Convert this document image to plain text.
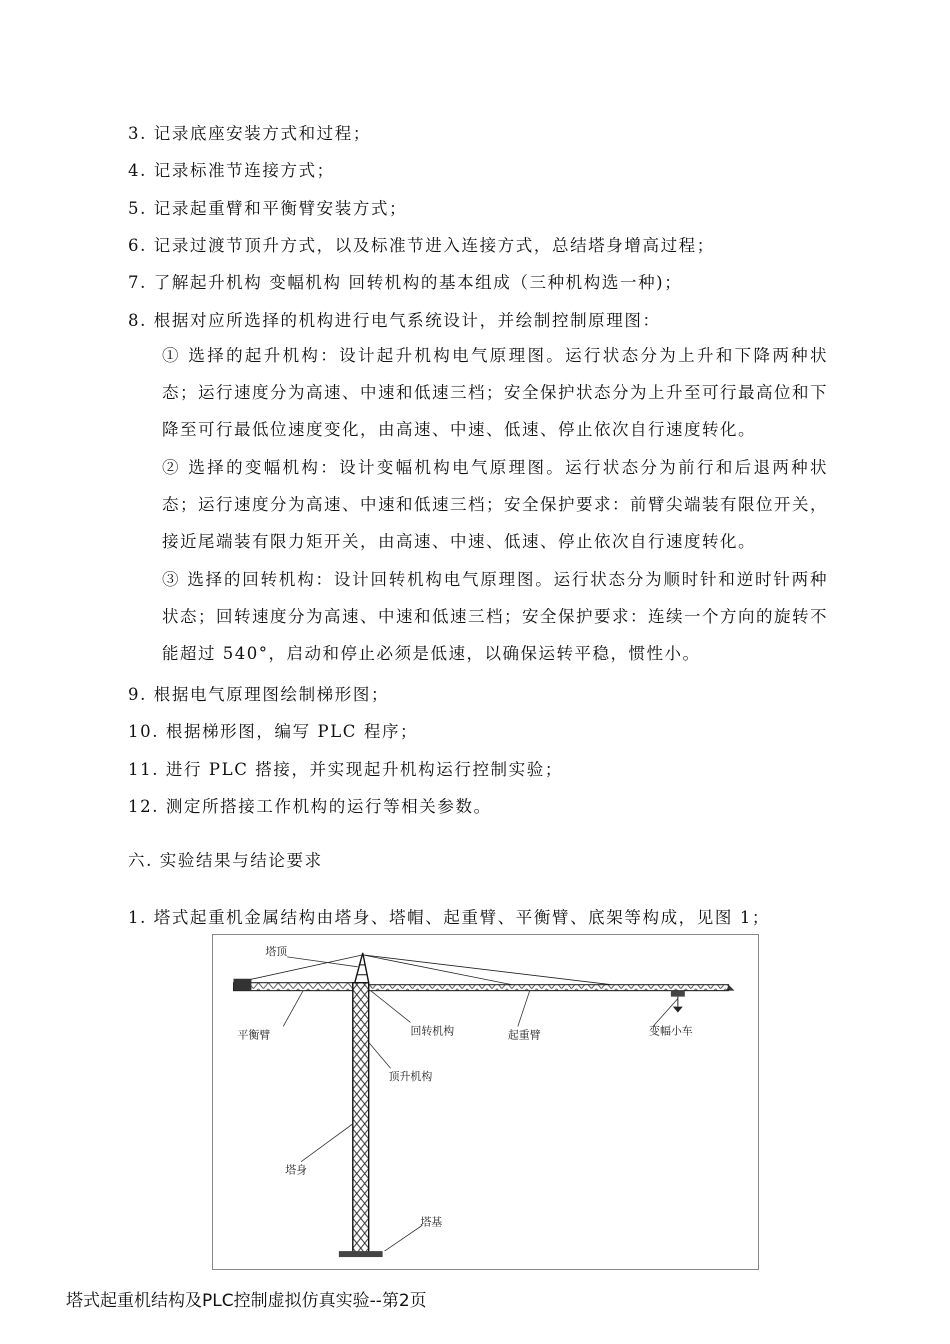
3. 记录底座安装方式和过程；
4. 记录标准节连接方式；
5. 记录起重臂和平衡臂安装方式；
6. 记录过渡节顶升方式，以及标准节进入连接方式，总结塔身增高过程；
7. 了解起升机构 变幅机构 回转机构的基本组成（三种机构选一种)；
8. 根据对应所选择的机构进行电气系统设计，并绘制控制原理图：
① 选择的起升机构：设计起升机构电气原理图。运行状态分为上升和下降两种状态；运行速度分为高速、中速和低速三档；安全保护状态分为上升至可行最高位和下降至可行最低位速度变化，由高速、中速、低速、停止依次自行速度转化。
② 选择的变幅机构：设计变幅机构电气原理图。运行状态分为前行和后退两种状态；运行速度分为高速、中速和低速三档；安全保护要求：前臂尖端装有限位开关，接近尾端装有限力矩开关，由高速、中速、低速、停止依次自行速度转化。
③ 选择的回转机构：设计回转机构电气原理图。运行状态分为顺时针和逆时针两种状态；回转速度分为高速、中速和低速三档；安全保护要求：连续一个方向的旋转不能超过 540°，启动和停止必须是低速，以确保运转平稳，惯性小。
9. 根据电气原理图绘制梯形图；
10. 根据梯形图，编写 PLC 程序；
11. 进行 PLC 搭接，并实现起升机构运行控制实验；
12. 测定所搭接工作机构的运行等相关参数。
六. 实验结果与结论要求
1. 塔式起重机金属结构由塔身、塔帽、起重臂、平衡臂、底架等构成，见图 1；
塔顶
平衡臂	回转机构	起重臂	变幅小车
顶升机构
塔身
塔基
塔式起重机结构及PLC控制虚拟仿真实验--第2页
